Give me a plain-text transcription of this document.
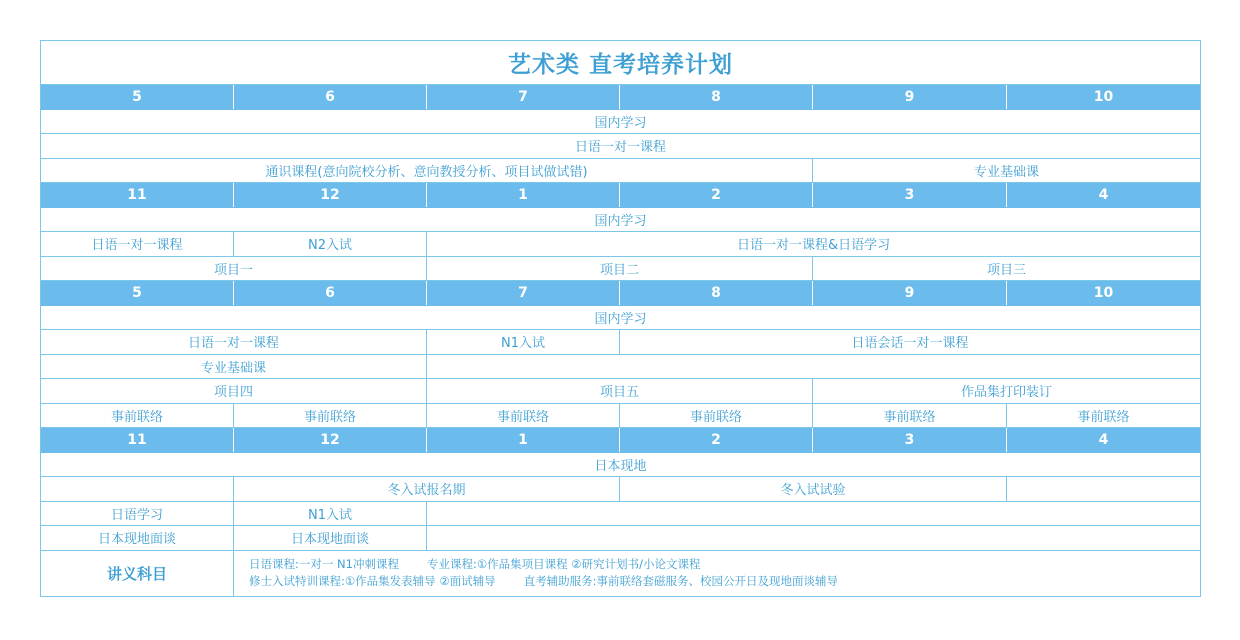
艺术类 直考培养计划					
5	6	7	8	9	10
国内学习					
日语一对一课程					
通识课程(意向院校分析、意向教授分析、项目试做试错)				专业基础课	
11	12	1	2	3	4
国内学习					
日语一对一课程	N2入试	日语一对一课程&日语学习			
项目一		项目二		项目三	
5	6	7	8	9	10
国内学习					
日语一对一课程		N1入试	日语会话一对一课程		
专业基础课					
项目四		项目五		作品集打印装订	
事前联络	事前联络	事前联络	事前联络	事前联络	事前联络
11	12	1	2	3	4
日本现地					
	冬入试报名期		冬入试试验		
日语学习	N1入试				
日本现地面谈	日本现地面谈				
讲义科目	日语课程:一对一 N1冲刺课程 专业课程:①作品集项目课程 ②研究计划书/小论文课程
修士入试特训课程:①作品集发表辅导 ②面试辅导 直考辅助服务:事前联络套磁服务、校园公开日及现地面谈辅导				
